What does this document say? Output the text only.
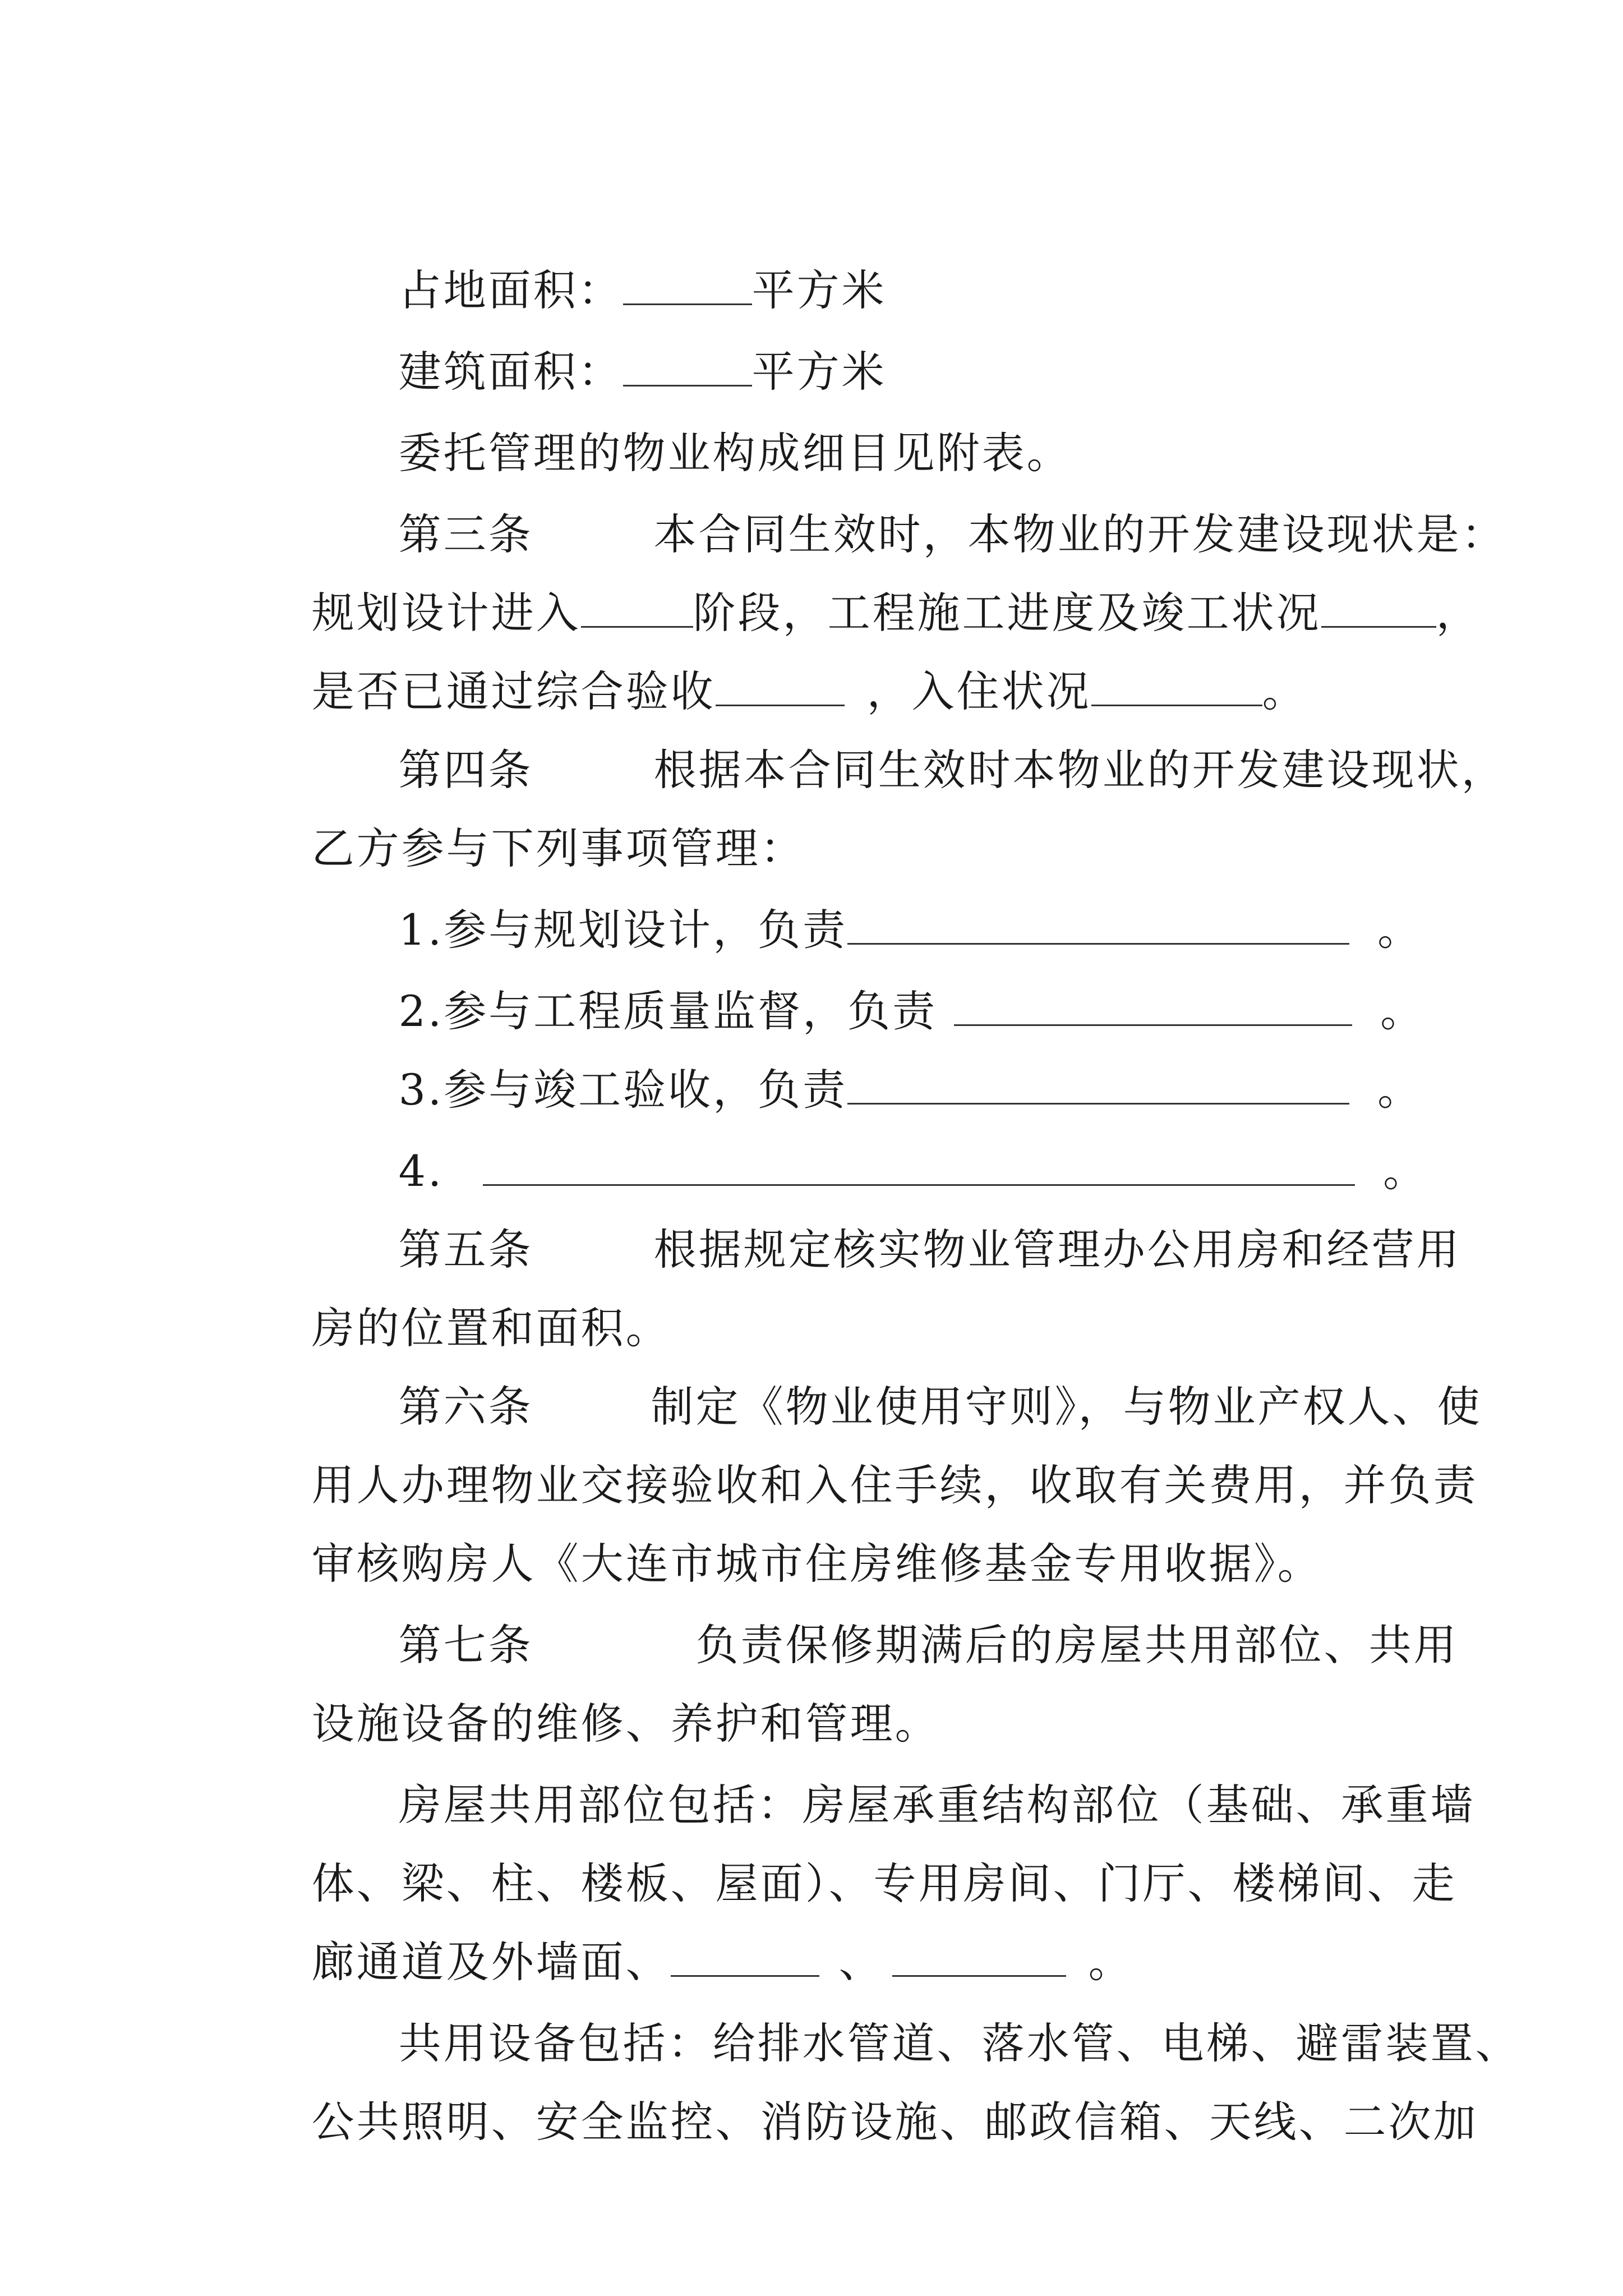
占地面积：	平方米

建筑面积：	平方米

委托管理的物业构成细目见附表。

第三条	本合同生效时，本物业的开发建设现状是：

规划设计进入	阶段，工程施工进度及竣工状况	，

是否已通过综合验收	，入住状况	。

第四条	根据本合同生效时本物业的开发建设现状，

乙方参与下列事项管理：

1.参与规划设计，负责	。

2.参与工程质量监督，负责	。

3.参与竣工验收，负责	。

4.	。

第五条	根据规定核实物业管理办公用房和经营用

房的位置和面积。

第六条	制定《物业使用守则》，与物业产权人、使

用人办理物业交接验收和入住手续，收取有关费用，并负责

审核购房人《大连市城市住房维修基金专用收据》。

第七条	负责保修期满后的房屋共用部位、共用

设施设备的维修、养护和管理。

房屋共用部位包括：房屋承重结构部位（基础、承重墙

体、梁、柱、楼板、屋面）、专用房间、门厅、楼梯间、走

廊通道及外墙面、	、	。

共用设备包括：给排水管道、落水管、电梯、避雷装置、

公共照明、安全监控、消防设施、邮政信箱、天线、二次加
